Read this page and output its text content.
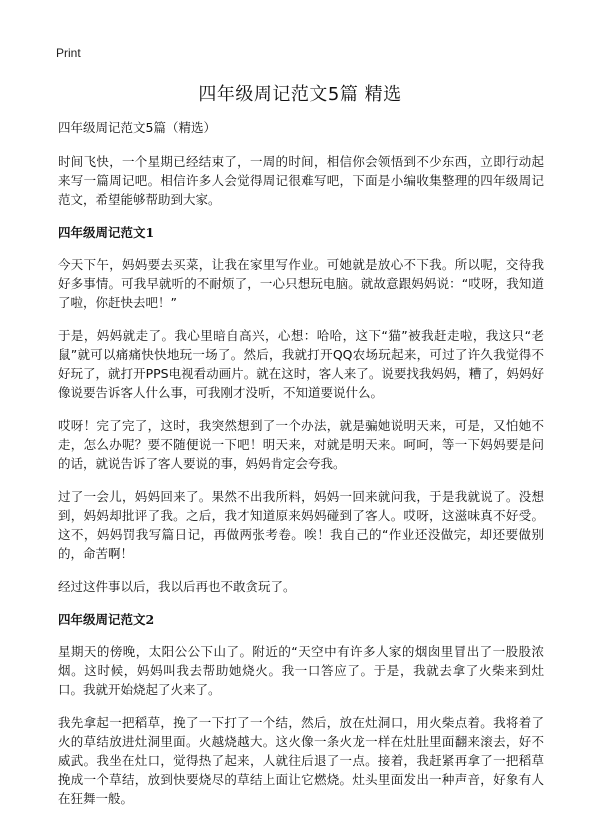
Print
四年级周记范文5篇 精选
四年级周记范文5篇（精选）

时间飞快，一个星期已经结束了，一周的时间，相信你会领悟到不少东西，立即行动起来写一篇周记吧。相信许多人会觉得周记很难写吧，下面是小编收集整理的四年级周记范文，希望能够帮助到大家。

四年级周记范文1

今天下午，妈妈要去买菜，让我在家里写作业。可她就是放心不下我。所以呢，交待我好多事情。可我早就听的不耐烦了，一心只想玩电脑。就故意跟妈妈说：“哎呀，我知道了啦，你赶快去吧！”

于是，妈妈就走了。我心里暗自高兴，心想：哈哈，这下“猫”被我赶走啦，我这只“老鼠”就可以痛痛快快地玩一场了。然后，我就打开QQ农场玩起来，可过了许久我觉得不好玩了，就打开PPS电视看动画片。就在这时，客人来了。说要找我妈妈，糟了，妈妈好像说要告诉客人什么事，可我刚才没听，不知道要说什么。

哎呀！完了完了，这时，我突然想到了一个办法，就是骗她说明天来，可是，又怕她不走，怎么办呢？要不随便说一下吧！明天来，对就是明天来。呵呵，等一下妈妈要是问的话，就说告诉了客人要说的事，妈妈肯定会夸我。

过了一会儿，妈妈回来了。果然不出我所料，妈妈一回来就问我，于是我就说了。没想到，妈妈却批评了我。之后，我才知道原来妈妈碰到了客人。哎呀，这滋味真不好受。这不，妈妈罚我写篇日记，再做两张考卷。唉！我自己的“作业还没做完，却还要做别的，命苦啊！

经过这件事以后，我以后再也不敢贪玩了。

四年级周记范文2

星期天的傍晚，太阳公公下山了。附近的“天空中有许多人家的烟囱里冒出了一股股浓烟。这时候，妈妈叫我去帮助她烧火。我一口答应了。于是，我就去拿了火柴来到灶口。我就开始烧起了火来了。

我先拿起一把稻草，挽了一下打了一个结，然后，放在灶洞口，用火柴点着。我将着了火的草结放进灶洞里面。火越烧越大。这火像一条火龙一样在灶肚里面翻来滚去，好不威武。我坐在灶口，觉得热了起来，人就往后退了一点。接着，我赶紧再拿了一把稻草挽成一个草结，放到快要烧尽的草结上面让它燃烧。灶头里面发出一种声音，好象有人在狂舞一般。
